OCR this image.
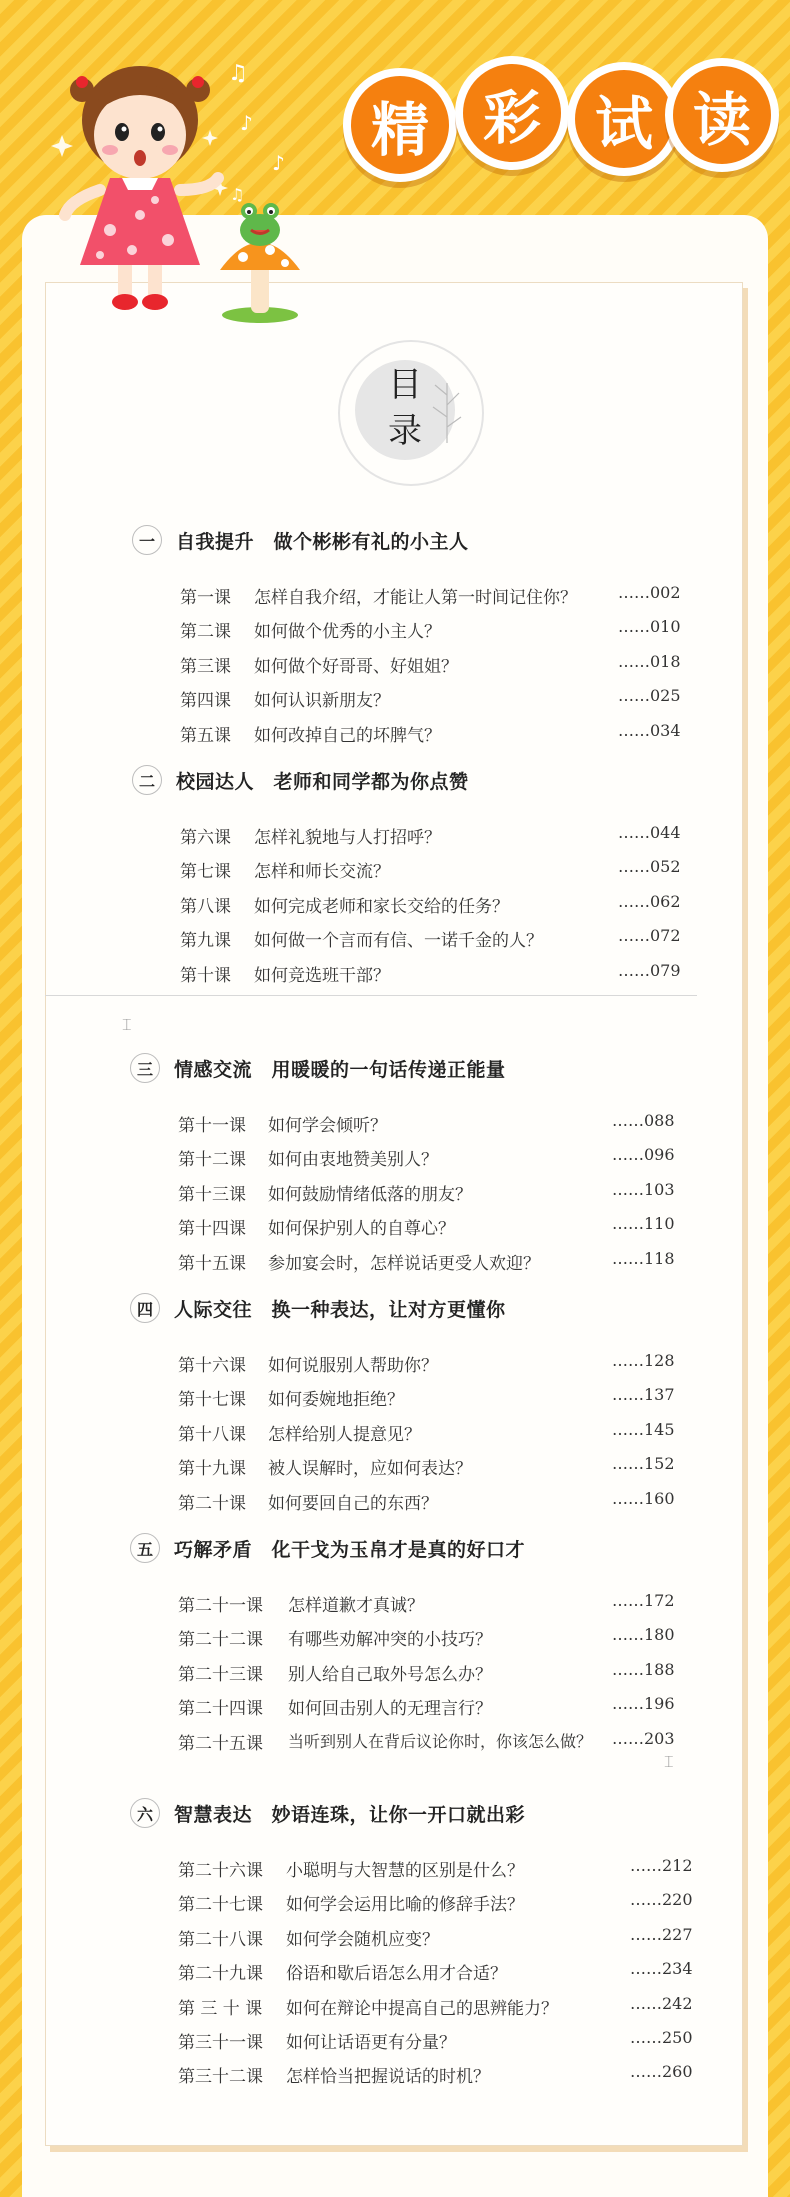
⌶
⌶
♫
♪
♪
♫
精 彩 试 读
目
录
一	自我提升　做个彬彬有礼的小主人
第一课 怎样自我介绍，才能让人第一时间记住你？	……002
第二课 如何做个优秀的小主人？	……010
第三课 如何做个好哥哥、好姐姐？	……018
第四课 如何认识新朋友？	……025
第五课 如何改掉自己的坏脾气？	……034
二	校园达人　老师和同学都为你点赞
第六课 怎样礼貌地与人打招呼？	……044
第七课 怎样和师长交流？	……052
第八课 如何完成老师和家长交给的任务？	……062
第九课 如何做一个言而有信、一诺千金的人？	……072
第十课 如何竞选班干部？	……079
三	情感交流　用暖暖的一句话传递正能量
第十一课 如何学会倾听？	……088
第十二课 如何由衷地赞美别人？	……096
第十三课 如何鼓励情绪低落的朋友？	……103
第十四课 如何保护别人的自尊心？	……110
第十五课 参加宴会时，怎样说话更受人欢迎？	……118
四	人际交往　换一种表达，让对方更懂你
第十六课 如何说服别人帮助你？	……128
第十七课 如何委婉地拒绝？	……137
第十八课 怎样给别人提意见？	……145
第十九课 被人误解时，应如何表达？	……152
第二十课 如何要回自己的东西？	……160
五	巧解矛盾　化干戈为玉帛才是真的好口才
第二十一课 怎样道歉才真诚？	……172
第二十二课 有哪些劝解冲突的小技巧？	……180
第二十三课 别人给自己取外号怎么办？	……188
第二十四课 如何回击别人的无理言行？	……196
第二十五课 当听到别人在背后议论你时，你该怎么做？ ……203
六	智慧表达　妙语连珠，让你一开口就出彩
第二十六课 小聪明与大智慧的区别是什么？	……212
第二十七课 如何学会运用比喻的修辞手法？	……220
第二十八课 如何学会随机应变？	……227
第二十九课 俗语和歇后语怎么用才合适？	……234
第 三 十 课 如何在辩论中提高自己的思辨能力？	……242
第三十一课 如何让话语更有分量？	……250
第三十二课 怎样恰当把握说话的时机？	……260
